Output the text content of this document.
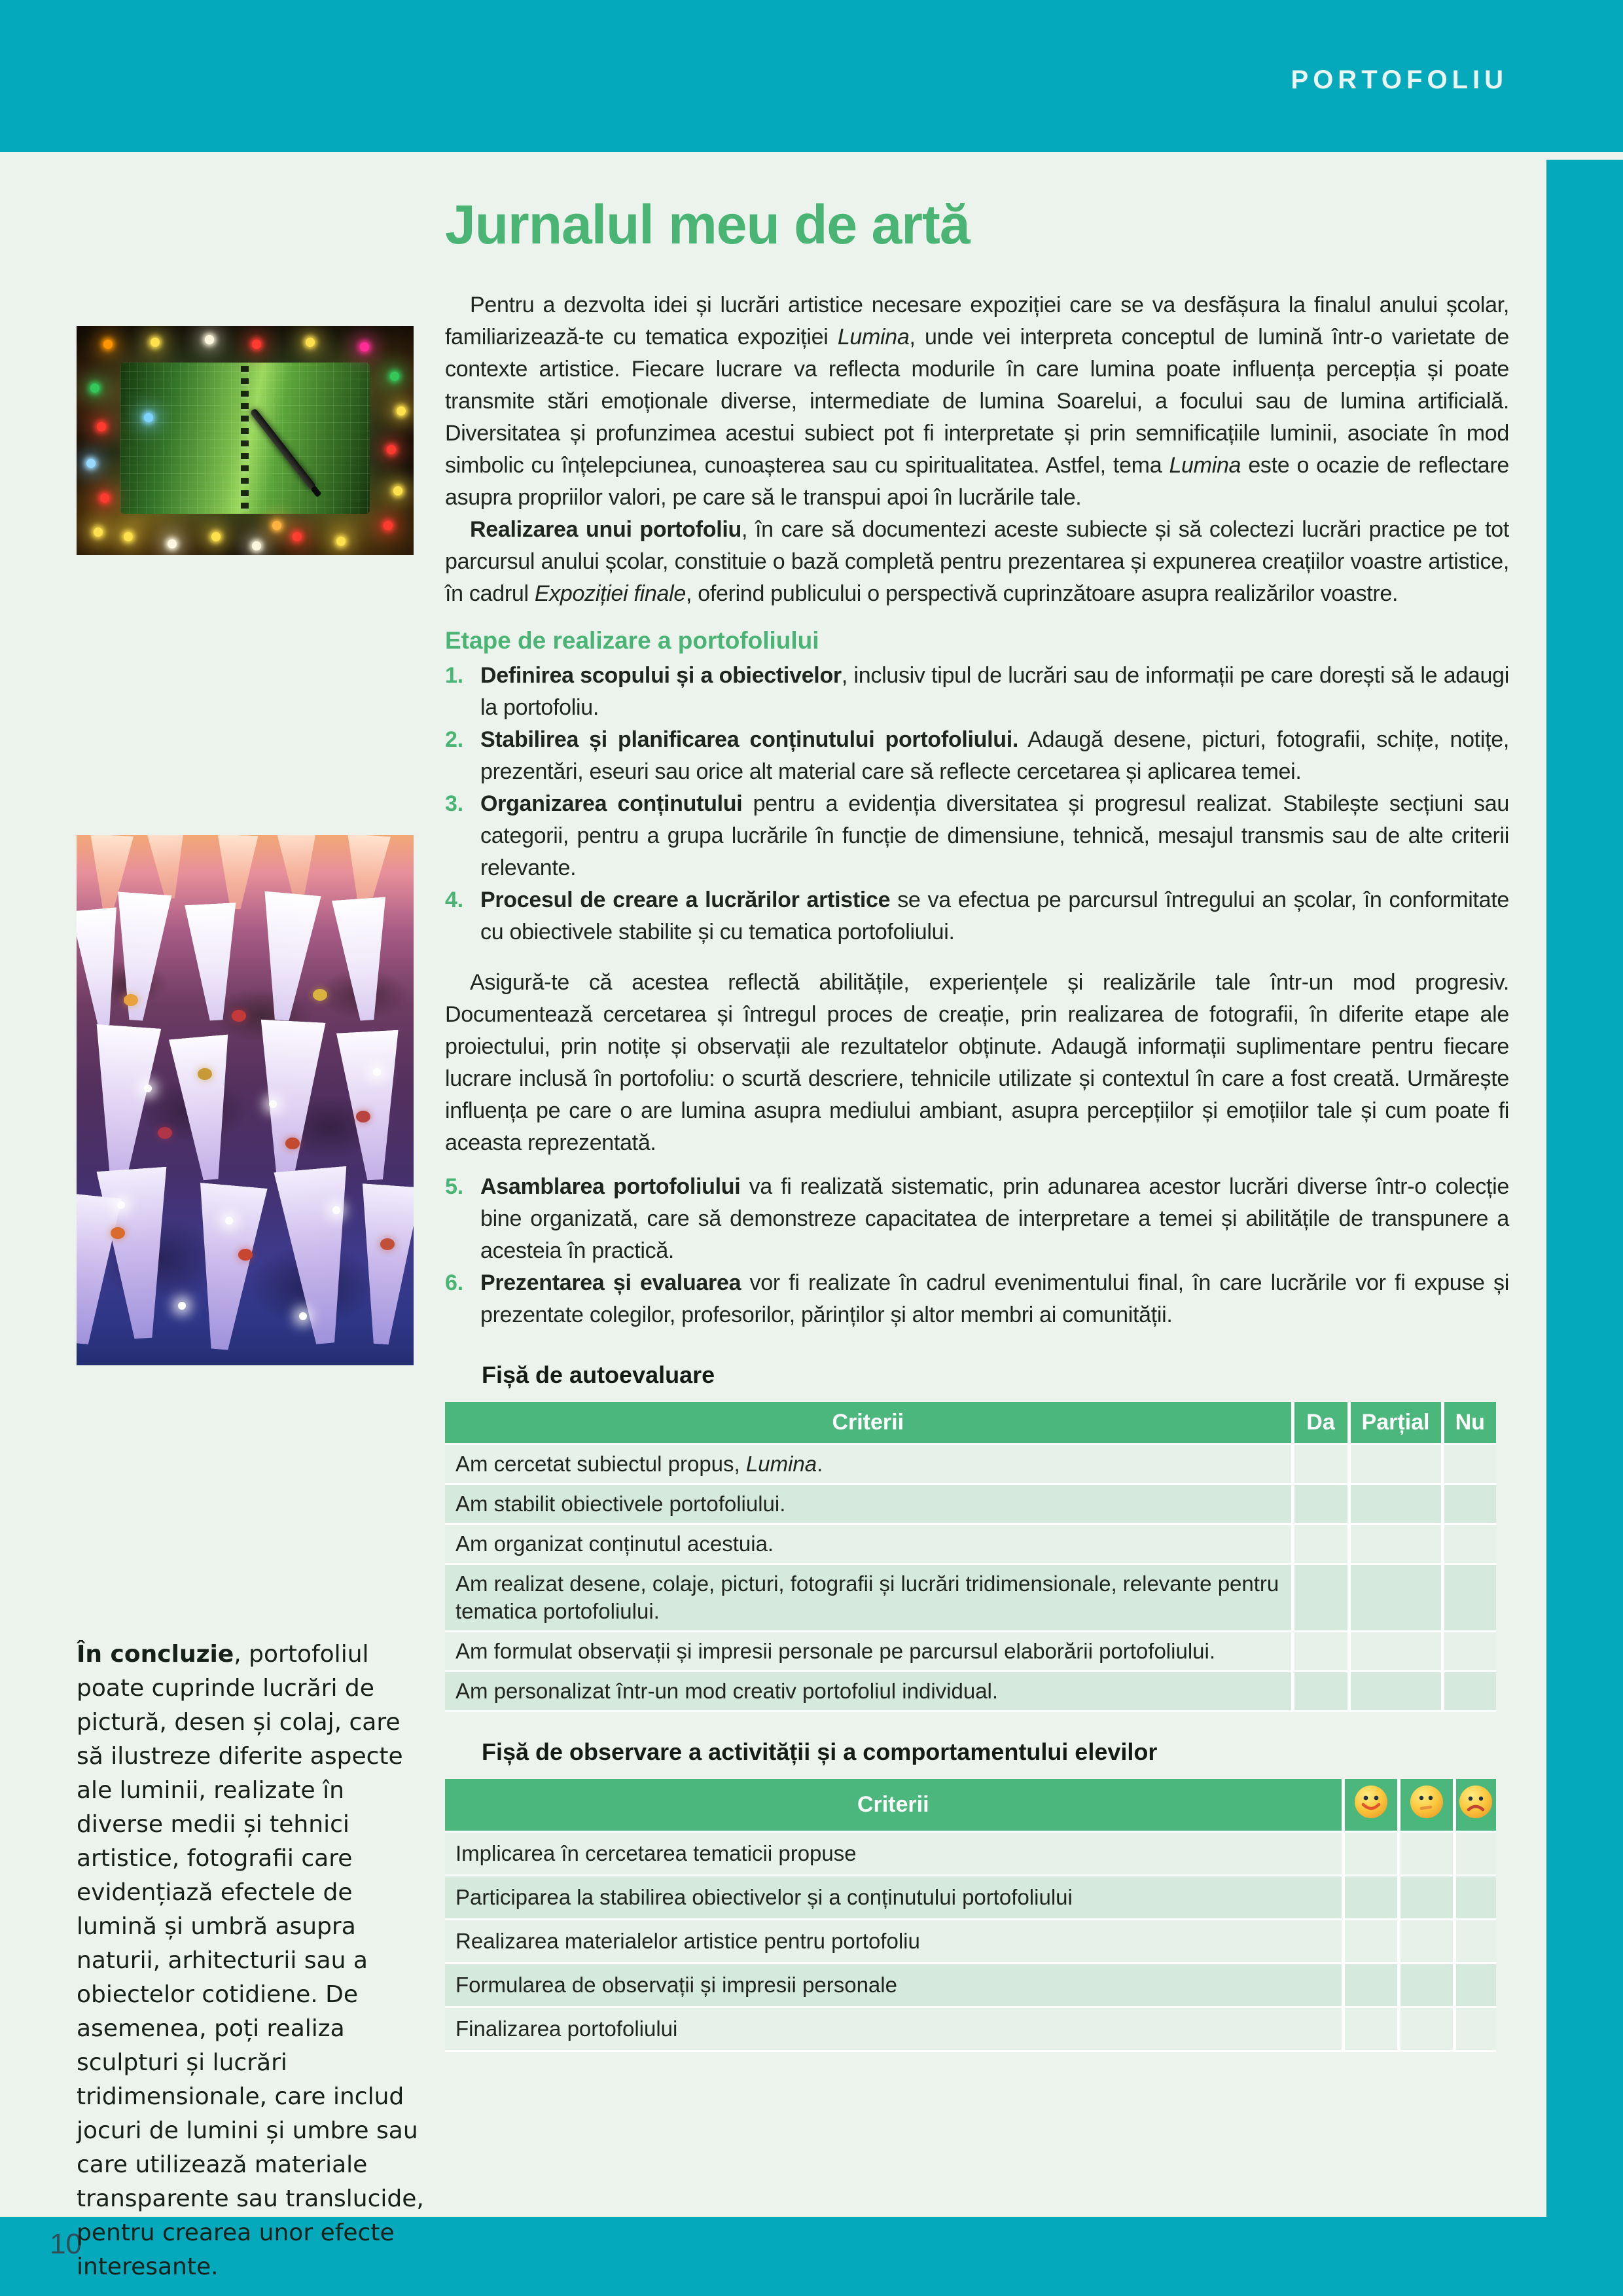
PORTOFOLIU
10
În concluzie, portofoliul poate cuprinde lucrări de pictură, desen și colaj, care să ilustreze diferite aspecte ale luminii, realizate în diverse medii și tehnici artistice, fotografii care evidențiază efectele de lumină și umbră asupra naturii, arhitecturii sau a obiectelor cotidiene. De asemenea, poți realiza sculpturi și lucrări tridimensionale, care includ jocuri de lumini și umbre sau care utilizează materiale transparente sau translucide, pentru crearea unor efecte interesante.
Jurnalul meu de artă

Pentru a dezvolta idei și lucrări artistice necesare expoziției care se va desfășura la finalul anului școlar, familiarizează-te cu tematica expoziției Lumina, unde vei interpreta conceptul de lumină într-o varietate de contexte artistice. Fiecare lucrare va reflecta modurile în care lumina poate influența percepția și poate transmite stări emoționale diverse, intermediate de lumina Soarelui, a focului sau de lumina artificială. Diversitatea și profunzimea acestui subiect pot fi interpretate și prin semnificațiile luminii, asociate în mod simbolic cu înțelepciunea, cunoașterea sau cu spiritualitatea. Astfel, tema Lumina este o ocazie de reflectare asupra propriilor valori, pe care să le transpui apoi în lucrările tale.

Realizarea unui portofoliu, în care să documentezi aceste subiecte și să colectezi lucrări practice pe tot parcursul anului școlar, constituie o bază completă pentru prezentarea și expunerea creațiilor voastre artistice, în cadrul Expoziției finale, oferind publicului o perspectivă cuprinzătoare asupra realizărilor voastre.

Etape de realizare a portofoliului
1. Definirea scopului și a obiectivelor, inclusiv tipul de lucrări sau de informații pe care dorești să le adaugi la portofoliu.
2. Stabilirea și planificarea conținutului portofoliului. Adaugă desene, picturi, fotografii, schițe, notițe, prezentări, eseuri sau orice alt material care să reflecte cercetarea și aplicarea temei.
3. Organizarea conținutului pentru a evidenția diversitatea și progresul realizat. Stabilește secțiuni sau categorii, pentru a grupa lucrările în funcție de dimensiune, tehnică, mesajul transmis sau de alte criterii relevante.
4. Procesul de creare a lucrărilor artistice se va efectua pe parcursul întregului an școlar, în conformitate cu obiectivele stabilite și cu tematica portofoliului.

Asigură-te că acestea reflectă abilitățile, experiențele și realizările tale într-un mod progresiv. Documentează cercetarea și întregul proces de creație, prin realizarea de fotografii, în diferite etape ale proiectului, prin notițe și observații ale rezultatelor obținute. Adaugă informații suplimentare pentru fiecare lucrare inclusă în portofoliu: o scurtă descriere, tehnicile utilizate și contextul în care a fost creată. Urmărește influența pe care o are lumina asupra mediului ambiant, asupra percepțiilor și emoțiilor tale și cum poate fi aceasta reprezentată.

5. Asamblarea portofoliului va fi realizată sistematic, prin adunarea acestor lucrări diverse într-o colecție bine organizată, care să demonstreze capacitatea de interpretare a temei și abilitățile de transpunere a acesteia în practică.
6. Prezentarea și evaluarea vor fi realizate în cadrul evenimentului final, în care lucrările vor fi expuse și prezentate colegilor, profesorilor, părinților și altor membri ai comunității.
Fișă de autoevaluare
Criterii	Da	Parțial	Nu
Am cercetat subiectul propus, Lumina.			
Am stabilit obiectivele portofoliului.			
Am organizat conținutul acestuia.			
Am realizat desene, colaje, picturi, fotografii și lucrări tridimensionale, relevante pentru tematica portofoliului.			
Am formulat observații și impresii personale pe parcursul elaborării portofoliului.			
Am personalizat într-un mod creativ portofoliul individual.			
Fișă de observare a activității și a comportamentului elevilor
Criterii			
Implicarea în cercetarea tematicii propuse			
Participarea la stabilirea obiectivelor și a conținutului portofoliului			
Realizarea materialelor artistice pentru portofoliu			
Formularea de observații și impresii personale			
Finalizarea portofoliului			
